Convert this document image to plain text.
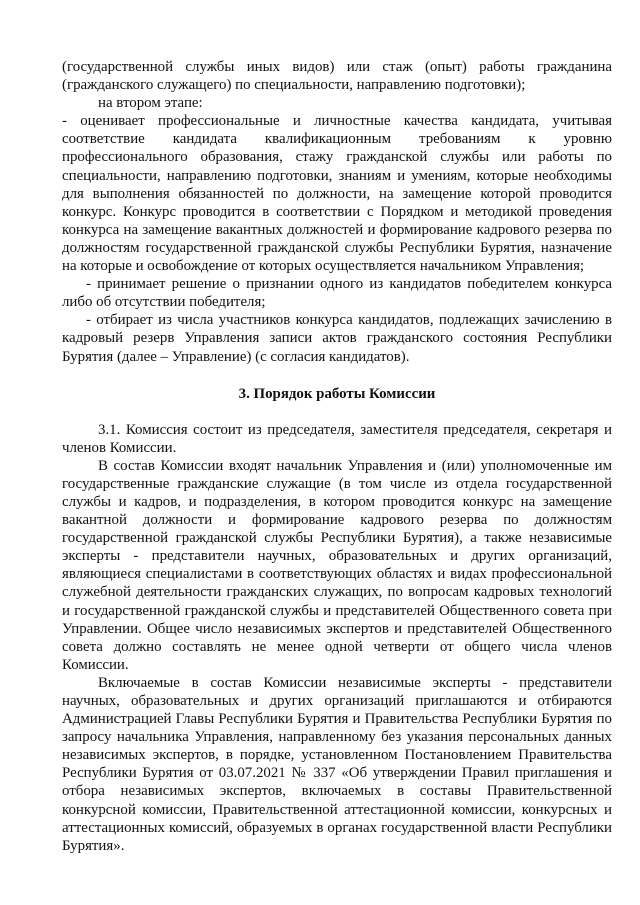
(государственной службы иных видов) или стаж (опыт) работы гражданина (гражданского служащего) по специальности, направлению подготовки);

на втором этапе:

- оценивает профессиональные и личностные качества кандидата, учитывая соответствие кандидата квалификационным требованиям к уровню профессионального образования, стажу гражданской службы или работы по специальности, направлению подготовки, знаниям и умениям, которые необходимы для выполнения обязанностей по должности, на замещение которой проводится конкурс. Конкурс проводится в соответствии с Порядком и методикой проведения конкурса на замещение вакантных должностей и формирование кадрового резерва по должностям государственной гражданской службы Республики Бурятия, назначение на которые и освобождение от которых осуществляется начальником Управления;

- принимает решение о признании одного из кандидатов победителем конкурса либо об отсутствии победителя;

- отбирает из числа участников конкурса кандидатов, подлежащих зачислению в кадровый резерв Управления записи актов гражданского состояния Республики Бурятия (далее – Управление) (с согласия кандидатов).

3. Порядок работы Комиссии

3.1. Комиссия состоит из председателя, заместителя председателя, секретаря и членов Комиссии.

В состав Комиссии входят начальник Управления и (или) уполномоченные им государственные гражданские служащие (в том числе из отдела государственной службы и кадров, и подразделения, в котором проводится конкурс на замещение вакантной должности и формирование кадрового резерва по должностям государственной гражданской службы Республики Бурятия), а также независимые эксперты - представители научных, образовательных и других организаций, являющиеся специалистами в соответствующих областях и видах профессиональной служебной деятельности гражданских служащих, по вопросам кадровых технологий и государственной гражданской службы и представителей Общественного совета при Управлении. Общее число независимых экспертов и представителей Общественного совета должно составлять не менее одной четверти от общего числа членов Комиссии.

Включаемые в состав Комиссии независимые эксперты - представители научных, образовательных и других организаций приглашаются и отбираются Администрацией Главы Республики Бурятия и Правительства Республики Бурятия по запросу начальника Управления, направленному без указания персональных данных независимых экспертов, в порядке, установленном Постановлением Правительства Республики Бурятия от 03.07.2021 № 337 «Об утверждении Правил приглашения и отбора независимых экспертов, включаемых в составы Правительственной конкурсной комиссии, Правительственной аттестационной комиссии, конкурсных и аттестационных комиссий, образуемых в органах государственной власти Республики Бурятия».
